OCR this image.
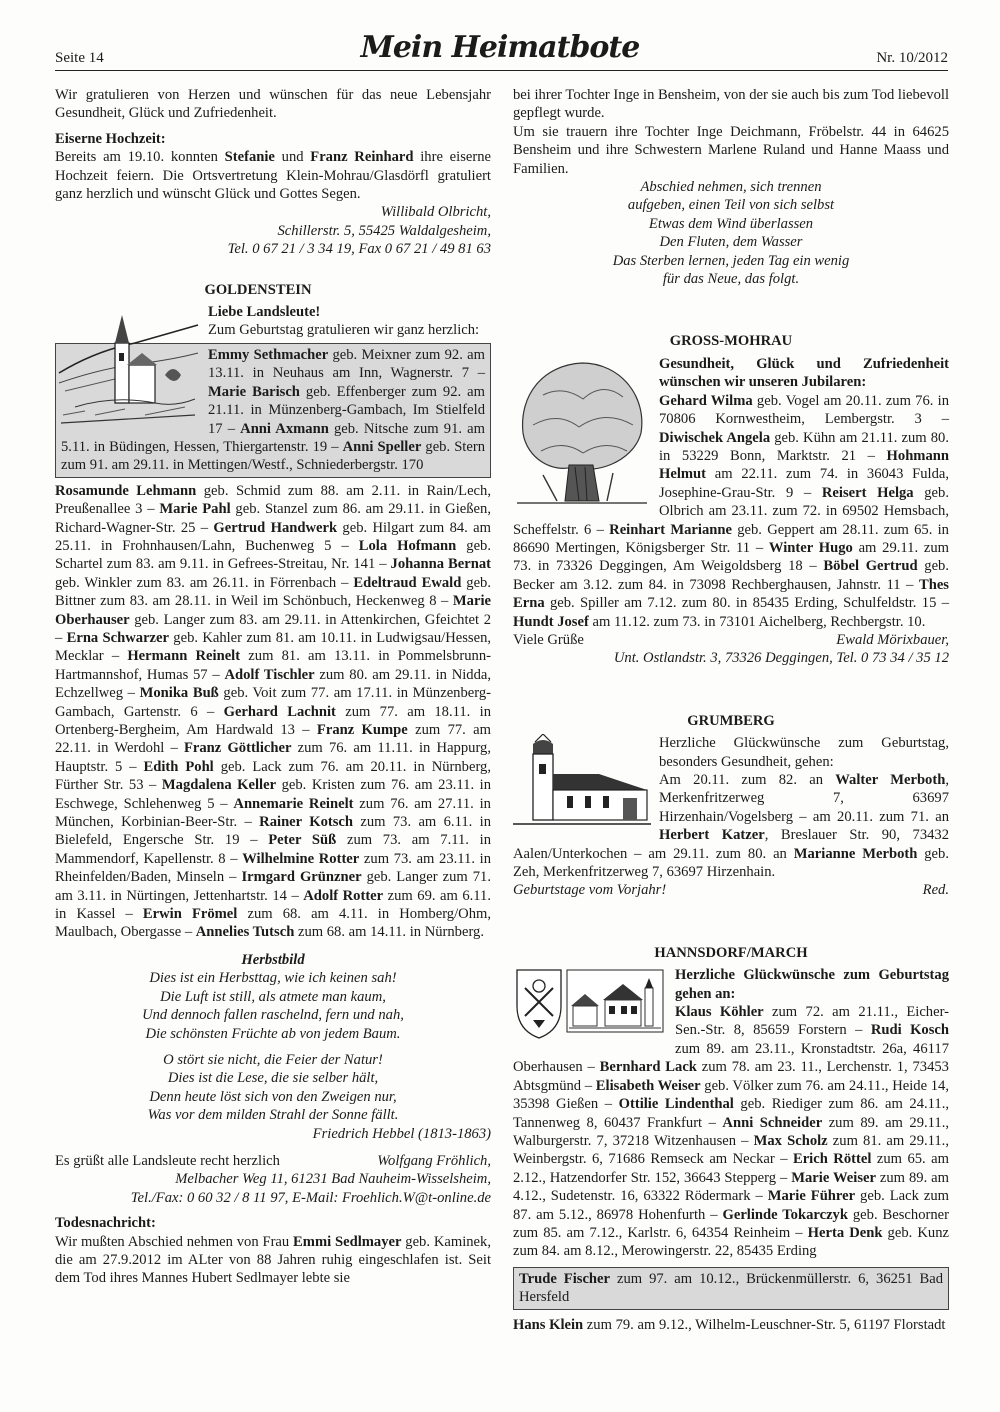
Seite 14	Mein Heimatbote	Nr. 10/2012

Wir gratulieren von Herzen und wünschen für das neue Lebensjahr Gesundheit, Glück und Zufriedenheit.

Eiserne Hochzeit:

Bereits am 19.10. konnten Stefanie und Franz Reinhard ihre eiserne Hochzeit feiern. Die Ortsvertretung Klein-Mohrau/Glasdörfl gratuliert ganz herzlich und wünscht Glück und Gottes Segen.

Willibald Olbricht,

Schillerstr. 5, 55425 Waldalgesheim,

Tel. 0 67 21 / 3 34 19, Fax 0 67 21 / 49 81 63

GOLDENSTEIN

Liebe Landsleute!

Zum Geburtstag gratulieren wir ganz herzlich:

Emmy Sethmacher geb. Meixner zum 92. am 13.11. in Neuhaus am Inn, Wagnerstr. 7 – Marie Barisch geb. Effenberger zum 92. am 21.11. in Münzenberg-Gambach, Im Stielfeld 17 – Anni Axmann geb. Nitsche zum 91. am 5.11. in Büdingen, Hessen, Thiergartenstr. 19 – Anni Speller geb. Stern zum 91. am 29.11. in Mettingen/Westf., Schniederbergstr. 170

Rosamunde Lehmann geb. Schmid zum 88. am 2.11. in Rain/Lech, Preußenallee 3 – Marie Pahl geb. Stanzel zum 86. am 29.11. in Gießen, Richard-Wagner-Str. 25 – Gertrud Handwerk geb. Hilgart zum 84. am 25.11. in Frohnhausen/Lahn, Buchenweg 5 – Lola Hofmann geb. Schartel zum 83. am 9.11. in Gefrees-Streitau, Nr. 141 – Johanna Bernat geb. Winkler zum 83. am 26.11. in Förrenbach – Edeltraud Ewald geb. Bittner zum 83. am 28.11. in Weil im Schönbuch, Heckenweg 8 – Marie Oberhauser geb. Langer zum 83. am 29.11. in Attenkirchen, Gfeichtet 2 – Erna Schwarzer geb. Kahler zum 81. am 10.11. in Ludwigsau/Hessen, Mecklar – Hermann Reinelt zum 81. am 13.11. in Pommelsbrunn-Hartmannshof, Humas 57 – Adolf Tischler zum 80. am 29.11. in Nidda, Echzellweg – Monika Buß geb. Voit zum 77. am 17.11. in Münzenberg-Gambach, Gartenstr. 6 – Gerhard Lachnit zum 77. am 18.11. in Ortenberg-Bergheim, Am Hardwald 13 – Franz Kumpe zum 77. am 22.11. in Werdohl – Franz Göttlicher zum 76. am 11.11. in Happurg, Hauptstr. 5 – Edith Pohl geb. Lack zum 76. am 20.11. in Nürnberg, Fürther Str. 53 – Magdalena Keller geb. Kristen zum 76. am 23.11. in Eschwege, Schlehenweg 5 – Annemarie Reinelt zum 76. am 27.11. in München, Korbinian-Beer-Str. – Rainer Kotsch zum 73. am 6.11. in Bielefeld, Engersche Str. 19 – Peter Süß zum 73. am 7.11. in Mammendorf, Kapellenstr. 8 – Wilhelmine Rotter zum 73. am 23.11. in Rheinfelden/Baden, Minseln – Irmgard Grünzner geb. Langer zum 71. am 3.11. in Nürtingen, Jettenhartstr. 14 – Adolf Rotter zum 69. am 6.11. in Kassel – Erwin Frömel zum 68. am 4.11. in Homberg/Ohm, Maulbach, Obergasse – Annelies Tutsch zum 68. am 14.11. in Nürnberg.

Herbstbild

Dies ist ein Herbsttag, wie ich keinen sah!

Die Luft ist still, als atmete man kaum,

Und dennoch fallen raschelnd, fern und nah,

Die schönsten Früchte ab von jedem Baum.

O stört sie nicht, die Feier der Natur!

Dies ist die Lese, die sie selber hält,

Denn heute löst sich von den Zweigen nur,

Was vor dem milden Strahl der Sonne fällt.

Friedrich Hebbel (1813-1863)

Es grüßt alle Landsleute recht herzlich	Wolfgang Fröhlich,

Melbacher Weg 11, 61231 Bad Nauheim-Wisselsheim,

Tel./Fax: 0 60 32 / 8 11 97, E-Mail: Froehlich.W@t-online.de

Todesnachricht:

Wir mußten Abschied nehmen von Frau Emmi Sedlmayer geb. Kaminek, die am 27.9.2012 im ALter von 88 Jahren ruhig eingeschlafen ist. Seit dem Tod ihres Mannes Hubert Sedlmayer lebte sie

bei ihrer Tochter Inge in Bensheim, von der sie auch bis zum Tod liebevoll gepflegt wurde.

Um sie trauern ihre Tochter Inge Deichmann, Fröbelstr. 44 in 64625 Bensheim und ihre Schwestern Marlene Ruland und Hanne Maass und Familien.

Abschied nehmen, sich trennen

aufgeben, einen Teil von sich selbst

Etwas dem Wind überlassen

Den Fluten, dem Wasser

Das Sterben lernen, jeden Tag ein wenig

für das Neue, das folgt.

GROSS-MOHRAU

Gesundheit, Glück und Zufriedenheit wünschen wir unseren Jubilaren:

Gehard Wilma geb. Vogel am 20.11. zum 76. in 70806 Kornwestheim, Lembergstr. 3 – Diwischek Angela geb. Kühn am 21.11. zum 80. in 53229 Bonn, Marktstr. 21 – Hohmann Helmut am 22.11. zum 74. in 36043 Fulda, Josephine-Grau-Str. 9 – Reisert Helga geb. Olbrich am 23.11. zum 72. in 69502 Hemsbach, Scheffelstr. 6 – Reinhart Marianne geb. Geppert am 28.11. zum 65. in 86690 Mertingen, Königsberger Str. 11 – Winter Hugo am 29.11. zum 73. in 73326 Deggingen, Am Weigoldsberg 18 – Böbel Gertrud geb. Becker am 3.12. zum 84. in 73098 Rechberghausen, Jahnstr. 11 – Thes Erna geb. Spiller am 7.12. zum 80. in 85435 Erding, Schulfeldstr. 15 – Hundt Josef am 11.12. zum 73. in 73101 Aichelberg, Rechbergstr. 10.

Viele Grüße	Ewald Mörixbauer,

Unt. Ostlandstr. 3, 73326 Deggingen, Tel. 0 73 34 / 35 12

GRUMBERG

Herzliche Glückwünsche zum Geburtstag, besonders Gesundheit, gehen:

Am 20.11. zum 82. an Walter Merboth, Merkenfritzerweg 7, 63697 Hirzenhain/Vogelsberg – am 20.11. zum 71. an Herbert Katzer, Breslauer Str. 90, 73432 Aalen/Unterkochen – am 29.11. zum 80. an Marianne Merboth geb. Zeh, Merkenfritzerweg 7, 63697 Hirzenhain.

Geburtstage vom Vorjahr!	Red.

HANNSDORF/MARCH

Herzliche Glückwünsche zum Geburtstag gehen an:

Klaus Köhler zum 72. am 21.11., Eicher-Sen.-Str. 8, 85659 Forstern – Rudi Kosch zum 89. am 23.11., Kronstadtstr. 26a, 46117 Oberhausen – Bernhard Lack zum 78. am 23. 11., Lerchenstr. 1, 73453 Abtsgmünd – Elisabeth Weiser geb. Völker zum 76. am 24.11., Heide 14, 35398 Gießen – Ottilie Lindenthal geb. Riediger zum 86. am 24.11., Tannenweg 8, 60437 Frankfurt – Anni Schneider zum 89. am 29.11., Walburgerstr. 7, 37218 Witzenhausen – Max Scholz zum 81. am 29.11., Weinbergstr. 6, 71686 Remseck am Neckar – Erich Röttel zum 65. am 2.12., Hatzendorfer Str. 152, 36643 Stepperg – Marie Weiser zum 89. am 4.12., Sudetenstr. 16, 63322 Rödermark – Marie Führer geb. Lack zum 87. am 5.12., 86978 Hohenfurth – Gerlinde Tokarczyk geb. Beschorner zum 85. am 7.12., Karlstr. 6, 64354 Reinheim – Herta Denk geb. Kunz zum 84. am 8.12., Merowingerstr. 22, 85435 Erding

Trude Fischer zum 97. am 10.12., Brückenmüllerstr. 6, 36251 Bad Hersfeld

Hans Klein zum 79. am 9.12., Wilhelm-Leuschner-Str. 5, 61197 Florstadt
